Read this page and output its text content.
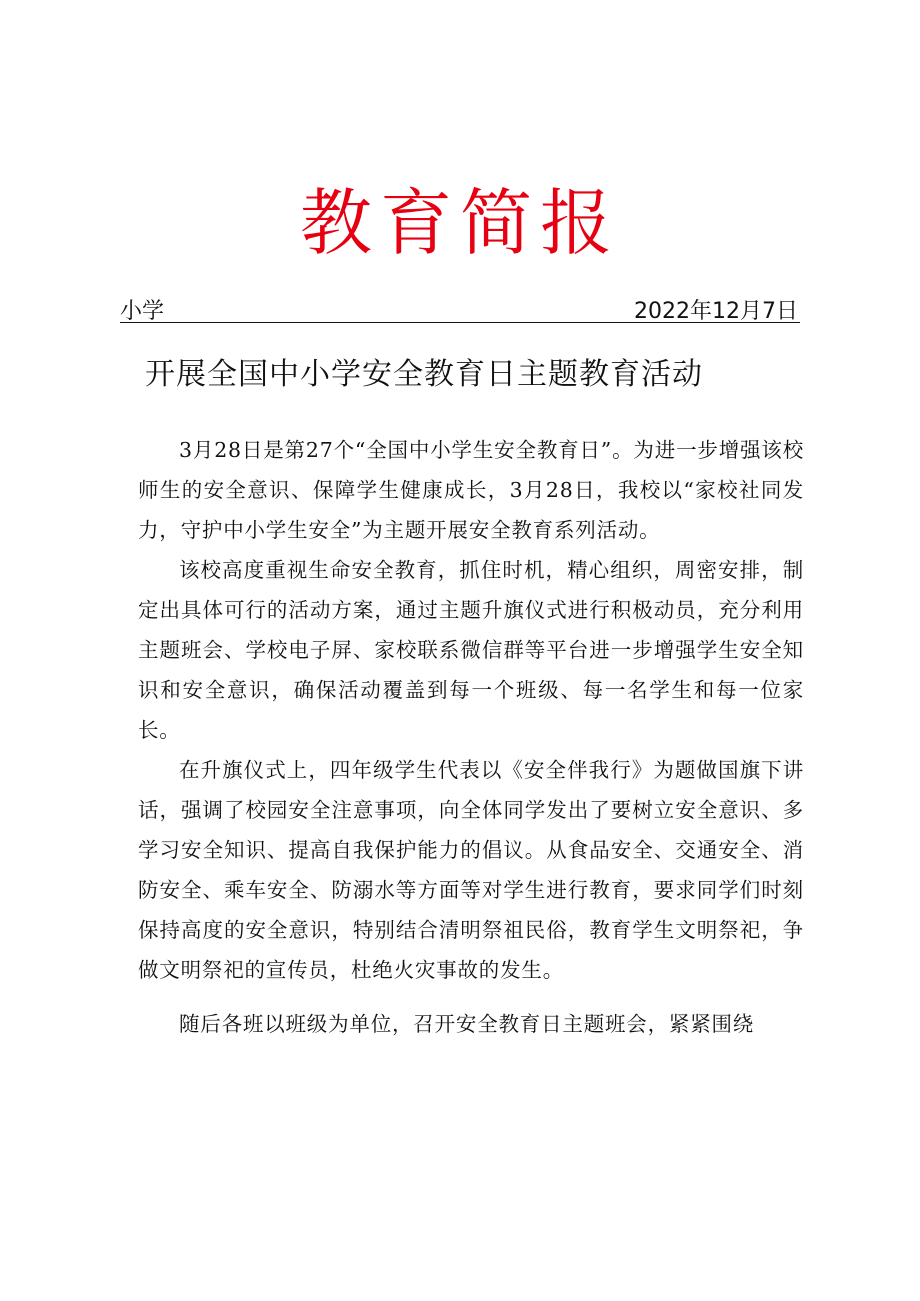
教育简报
小学	2022年12月7日
开展全国中小学安全教育日主题教育活动

3月28日是第27个“全国中小学生安全教育日”。为进一步增强该校师生的安全意识、保障学生健康成长，3月28日，我校以“家校社同发力，守护中小学生安全”为主题开展安全教育系列活动。

该校高度重视生命安全教育，抓住时机，精心组织，周密安排，制定出具体可行的活动方案，通过主题升旗仪式进行积极动员，充分利用主题班会、学校电子屏、家校联系微信群等平台进一步增强学生安全知识和安全意识，确保活动覆盖到每一个班级、每一名学生和每一位家长。

在升旗仪式上，四年级学生代表以《安全伴我行》为题做国旗下讲话，强调了校园安全注意事项，向全体同学发出了要树立安全意识、多学习安全知识、提高自我保护能力的倡议。从食品安全、交通安全、消防安全、乘车安全、防溺水等方面等对学生进行教育，要求同学们时刻保持高度的安全意识，特别结合清明祭祖民俗，教育学生文明祭祀，争做文明祭祀的宣传员，杜绝火灾事故的发生。

随后各班以班级为单位，召开安全教育日主题班会，紧紧围绕
